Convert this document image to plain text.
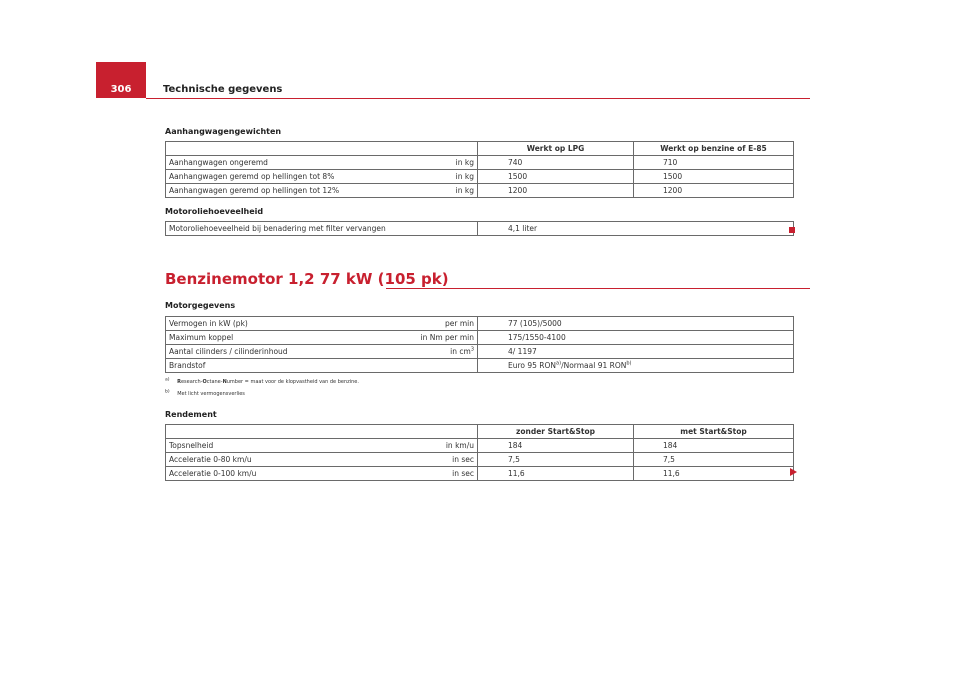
306	Technische gegevens
Aanhangwagengewichten
		Werkt op LPG	Werkt op benzine of E-85
Aanhangwagen ongeremd	in kg	740	710
Aanhangwagen geremd op hellingen tot 8%	in kg	1500	1500
Aanhangwagen geremd op hellingen tot 12%	in kg	1200	1200
Motoroliehoeveelheid
Motoroliehoeveelheid bij benadering met filter vervangen	4,1 liter
Benzinemotor 1,2 77 kW (105 pk)
Motorgegevens
Vermogen in kW (pk)	per min	77 (105)/5000
Maximum koppel	in Nm per min	175/1550-4100
Aantal cilinders / cilinderinhoud	in $cm^3$	4/ 1197
Brandstof		Euro 95 RON$^{a)}$/Normaal 91 RON$^{b)}$
$^{a)}$ Research-Octane-Number = maat voor de klopvastheid van de benzine.
$^{b)}$ Met licht vermogensverlies
Rendement
		zonder Start&Stop	met Start&Stop
Topsnelheid	in km/u	184	184
Acceleratie 0-80 km/u	in sec	7,5	7,5
Acceleratie 0-100 km/u	in sec	11,6	11,6
